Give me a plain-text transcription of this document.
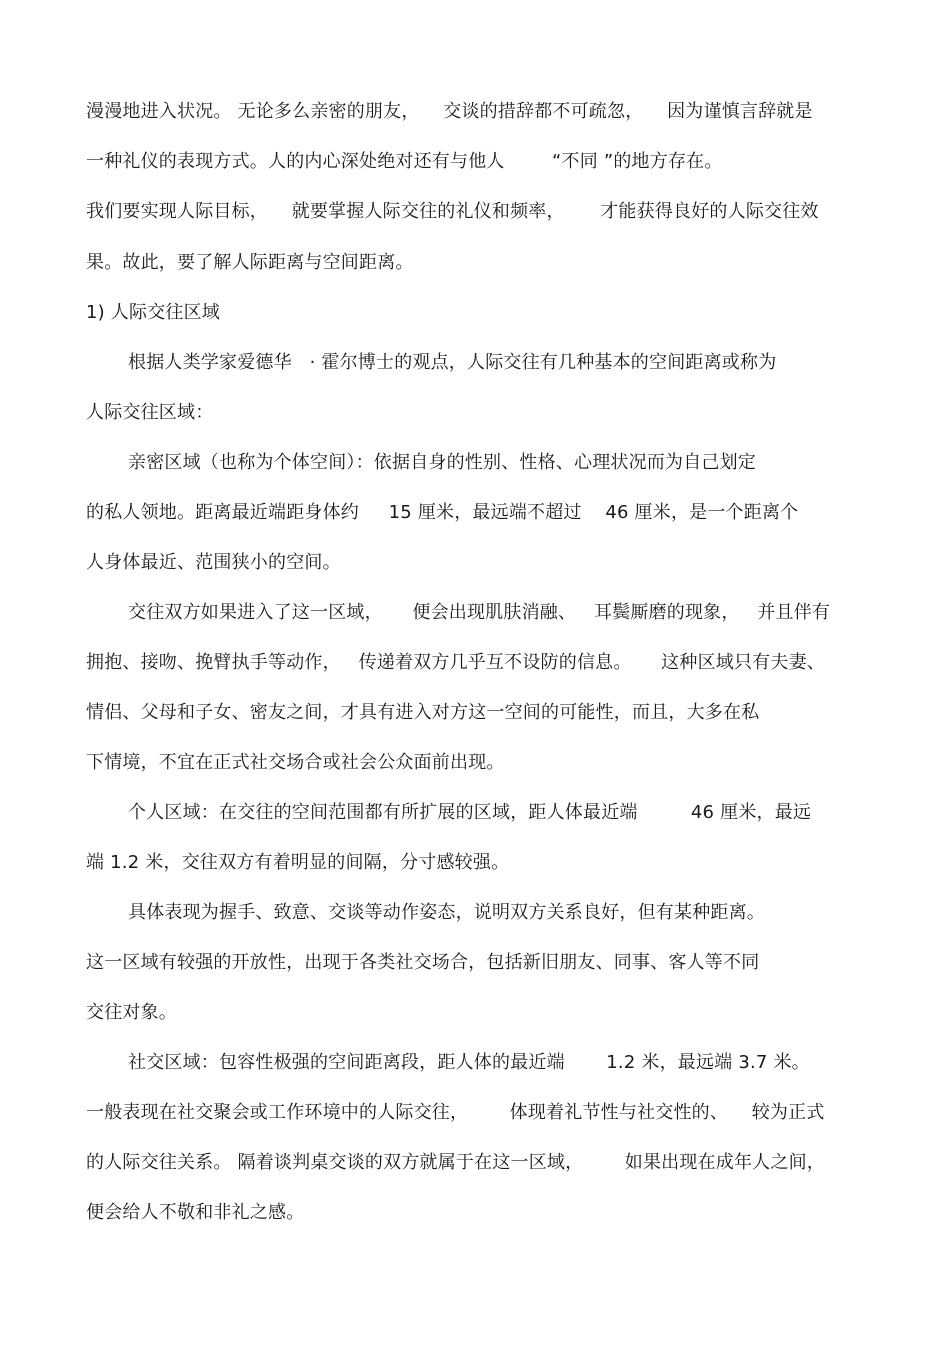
漫漫地进入状况。 无论多么亲密的朋友，    交谈的措辞都不可疏忽，    因为谨慎言辞就是
一种礼仪的表现方式。人的内心深处绝对还有与他人        “不同 ”的地方存在。
我们要实现人际目标，    就要掌握人际交往的礼仪和频率，      才能获得良好的人际交往效
果。故此，要了解人际距离与空间距离。
1) 人际交往区域
根据人类学家爱德华   · 霍尔博士的观点，人际交往有几种基本的空间距离或称为
人际交往区域：
亲密区域（也称为个体空间）：依据自身的性别、性格、心理状况而为自己划定
的私人领地。距离最近端距身体约     15 厘米，最远端不超过    46 厘米，是一个距离个
人身体最近、范围狭小的空间。
交往双方如果进入了这一区域，     便会出现肌肤消融、   耳鬓厮磨的现象，   并且伴有
拥抱、接吻、挽臂执手等动作，   传递着双方几乎互不设防的信息。     这种区域只有夫妻、
情侣、父母和子女、密友之间，才具有进入对方这一空间的可能性，而且，大多在私
下情境，不宜在正式社交场合或社会公众面前出现。
个人区域：在交往的空间范围都有所扩展的区域，距人体最近端         46 厘米，最远
端 1.2 米，交往双方有着明显的间隔，分寸感较强。
具体表现为握手、致意、交谈等动作姿态，说明双方关系良好，但有某种距离。
这一区域有较强的开放性，出现于各类社交场合，包括新旧朋友、同事、客人等不同
交往对象。
社交区域：包容性极强的空间距离段，距人体的最近端       1.2 米，最远端 3.7 米。
一般表现在社交聚会或工作环境中的人际交往，       体现着礼节性与社交性的、    较为正式
的人际交往关系。 隔着谈判桌交谈的双方就属于在这一区域，       如果出现在成年人之间，
便会给人不敬和非礼之感。
